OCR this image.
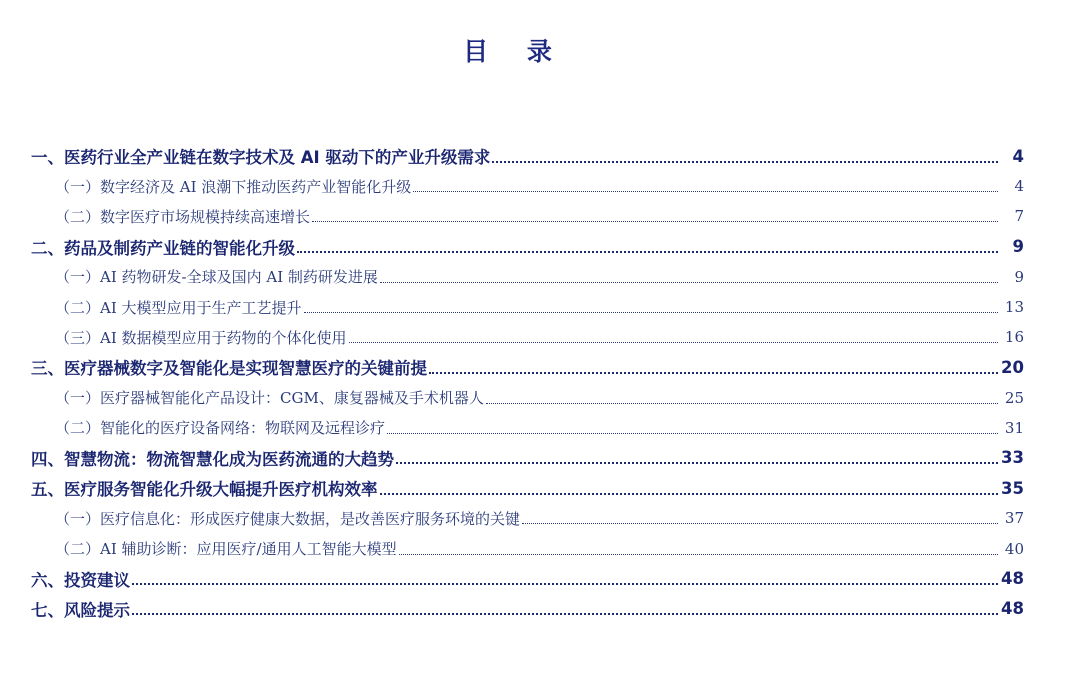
目 录
一、医药行业全产业链在数字技术及 AI 驱动下的产业升级需求	4
（一）数字经济及 AI 浪潮下推动医药产业智能化升级	4
（二）数字医疗市场规模持续高速增长	7
二、药品及制药产业链的智能化升级	9
（一）AI 药物研发-全球及国内 AI 制药研发进展	9
（二）AI 大模型应用于生产工艺提升	13
（三）AI 数据模型应用于药物的个体化使用	16
三、医疗器械数字及智能化是实现智慧医疗的关键前提	20
（一）医疗器械智能化产品设计：CGM、康复器械及手术机器人	25
（二）智能化的医疗设备网络：物联网及远程诊疗	31
四、智慧物流：物流智慧化成为医药流通的大趋势	33
五、医疗服务智能化升级大幅提升医疗机构效率	35
（一）医疗信息化：形成医疗健康大数据，是改善医疗服务环境的关键	37
（二）AI 辅助诊断：应用医疗/通用人工智能大模型	40
六、投资建议	48
七、风险提示	48
